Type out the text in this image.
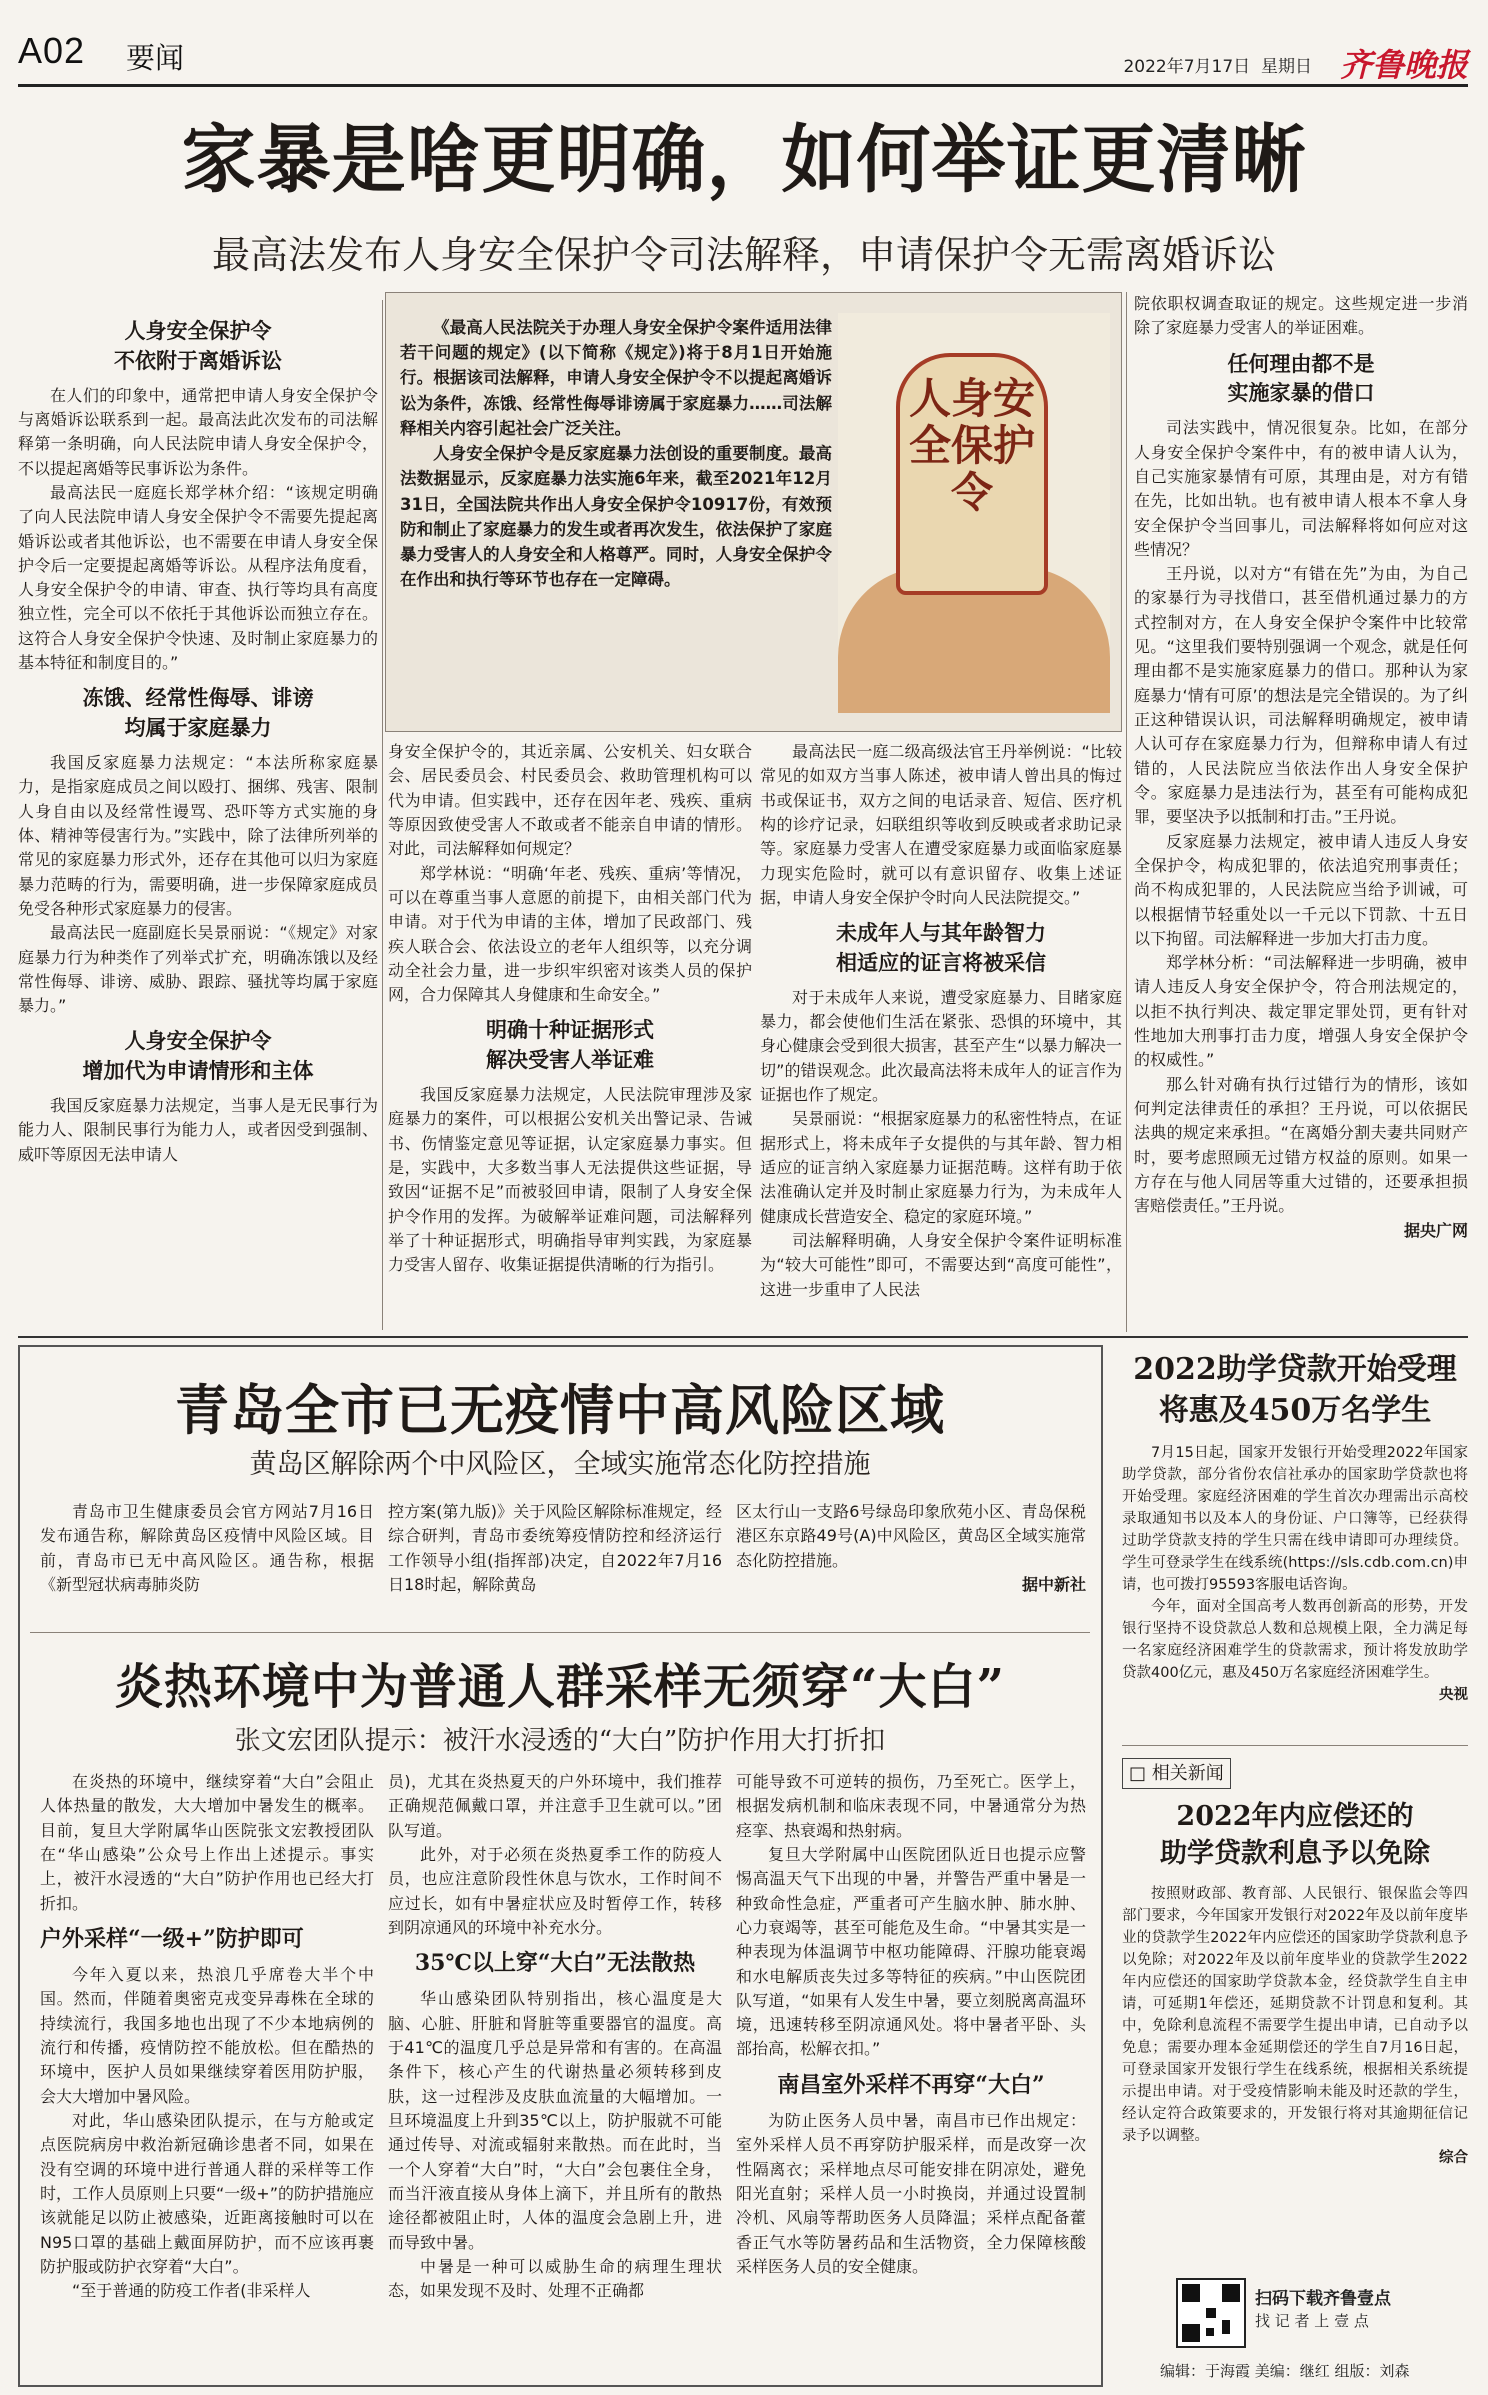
A02 要闻	2022年7月17日 星期日 齐鲁晚报
家暴是啥更明确，如何举证更清晰
最高法发布人身安全保护令司法解释，申请保护令无需离婚诉讼

《最高人民法院关于办理人身安全保护令案件适用法律若干问题的规定》(以下简称《规定》)将于8月1日开始施行。根据该司法解释，申请人身安全保护令不以提起离婚诉讼为条件，冻饿、经常性侮辱诽谤属于家庭暴力……司法解释相关内容引起社会广泛关注。

人身安全保护令是反家庭暴力法创设的重要制度。最高法数据显示，反家庭暴力法实施6年来，截至2021年12月31日，全国法院共作出人身安全保护令10917份，有效预防和制止了家庭暴力的发生或者再次发生，依法保护了家庭暴力受害人的人身安全和人格尊严。同时，人身安全保护令在作出和执行等环节也存在一定障碍。

人身安全保护令
人身安全保护令
不依附于离婚诉讼

在人们的印象中，通常把申请人身安全保护令与离婚诉讼联系到一起。最高法此次发布的司法解释第一条明确，向人民法院申请人身安全保护令，不以提起离婚等民事诉讼为条件。

最高法民一庭庭长郑学林介绍：“该规定明确了向人民法院申请人身安全保护令不需要先提起离婚诉讼或者其他诉讼，也不需要在申请人身安全保护令后一定要提起离婚等诉讼。从程序法角度看，人身安全保护令的申请、审查、执行等均具有高度独立性，完全可以不依托于其他诉讼而独立存在。这符合人身安全保护令快速、及时制止家庭暴力的基本特征和制度目的。”

冻饿、经常性侮辱、诽谤
均属于家庭暴力

我国反家庭暴力法规定：“本法所称家庭暴力，是指家庭成员之间以殴打、捆绑、残害、限制人身自由以及经常性谩骂、恐吓等方式实施的身体、精神等侵害行为。”实践中，除了法律所列举的常见的家庭暴力形式外，还存在其他可以归为家庭暴力范畴的行为，需要明确，进一步保障家庭成员免受各种形式家庭暴力的侵害。

最高法民一庭副庭长吴景丽说：“《规定》对家庭暴力行为种类作了列举式扩充，明确冻饿以及经常性侮辱、诽谤、威胁、跟踪、骚扰等均属于家庭暴力。”

人身安全保护令
增加代为申请情形和主体

我国反家庭暴力法规定，当事人是无民事行为能力人、限制民事行为能力人，或者因受到强制、威吓等原因无法申请人

身安全保护令的，其近亲属、公安机关、妇女联合会、居民委员会、村民委员会、救助管理机构可以代为申请。但实践中，还存在因年老、残疾、重病等原因致使受害人不敢或者不能亲自申请的情形。对此，司法解释如何规定？

郑学林说：“明确‘年老、残疾、重病’等情况，可以在尊重当事人意愿的前提下，由相关部门代为申请。对于代为申请的主体，增加了民政部门、残疾人联合会、依法设立的老年人组织等，以充分调动全社会力量，进一步织牢织密对该类人员的保护网，合力保障其人身健康和生命安全。”

明确十种证据形式
解决受害人举证难

我国反家庭暴力法规定，人民法院审理涉及家庭暴力的案件，可以根据公安机关出警记录、告诫书、伤情鉴定意见等证据，认定家庭暴力事实。但是，实践中，大多数当事人无法提供这些证据，导致因“证据不足”而被驳回申请，限制了人身安全保护令作用的发挥。为破解举证难问题，司法解释列举了十种证据形式，明确指导审判实践，为家庭暴力受害人留存、收集证据提供清晰的行为指引。

最高法民一庭二级高级法官王丹举例说：“比较常见的如双方当事人陈述，被申请人曾出具的悔过书或保证书，双方之间的电话录音、短信、医疗机构的诊疗记录，妇联组织等收到反映或者求助记录等。家庭暴力受害人在遭受家庭暴力或面临家庭暴力现实危险时，就可以有意识留存、收集上述证据，申请人身安全保护令时向人民法院提交。”

未成年人与其年龄智力
相适应的证言将被采信

对于未成年人来说，遭受家庭暴力、目睹家庭暴力，都会使他们生活在紧张、恐惧的环境中，其身心健康会受到很大损害，甚至产生“以暴力解决一切”的错误观念。此次最高法将未成年人的证言作为证据也作了规定。

吴景丽说：“根据家庭暴力的私密性特点，在证据形式上，将未成年子女提供的与其年龄、智力相适应的证言纳入家庭暴力证据范畴。这样有助于依法准确认定并及时制止家庭暴力行为，为未成年人健康成长营造安全、稳定的家庭环境。”

司法解释明确，人身安全保护令案件证明标准为“较大可能性”即可，不需要达到“高度可能性”，这进一步重申了人民法

院依职权调查取证的规定。这些规定进一步消除了家庭暴力受害人的举证困难。

任何理由都不是
实施家暴的借口

司法实践中，情况很复杂。比如，在部分人身安全保护令案件中，有的被申请人认为，自己实施家暴情有可原，其理由是，对方有错在先，比如出轨。也有被申请人根本不拿人身安全保护令当回事儿，司法解释将如何应对这些情况？

王丹说，以对方“有错在先”为由，为自己的家暴行为寻找借口，甚至借机通过暴力的方式控制对方，在人身安全保护令案件中比较常见。“这里我们要特别强调一个观念，就是任何理由都不是实施家庭暴力的借口。那种认为家庭暴力‘情有可原’的想法是完全错误的。为了纠正这种错误认识，司法解释明确规定，被申请人认可存在家庭暴力行为，但辩称申请人有过错的，人民法院应当依法作出人身安全保护令。家庭暴力是违法行为，甚至有可能构成犯罪，要坚决予以抵制和打击。”王丹说。

反家庭暴力法规定，被申请人违反人身安全保护令，构成犯罪的，依法追究刑事责任；尚不构成犯罪的，人民法院应当给予训诫，可以根据情节轻重处以一千元以下罚款、十五日以下拘留。司法解释进一步加大打击力度。

郑学林分析：“司法解释进一步明确，被申请人违反人身安全保护令，符合刑法规定的，以拒不执行判决、裁定罪定罪处罚，更有针对性地加大刑事打击力度，增强人身安全保护令的权威性。”

那么针对确有执行过错行为的情形，该如何判定法律责任的承担？王丹说，可以依据民法典的规定来承担。“在离婚分割夫妻共同财产时，要考虑照顾无过错方权益的原则。如果一方存在与他人同居等重大过错的，还要承担损害赔偿责任。”王丹说。

据央广网
青岛全市已无疫情中高风险区域
黄岛区解除两个中风险区，全域实施常态化防控措施

青岛市卫生健康委员会官方网站7月16日发布通告称，解除黄岛区疫情中风险区域。目前，青岛市已无中高风险区。通告称，根据《新型冠状病毒肺炎防

控方案(第九版)》关于风险区解除标准规定，经综合研判，青岛市委统筹疫情防控和经济运行工作领导小组(指挥部)决定，自2022年7月16日18时起，解除黄岛

区太行山一支路6号绿岛印象欣苑小区、青岛保税港区东京路49号(A)中风险区，黄岛区全域实施常态化防控措施。

据中新社
炎热环境中为普通人群采样无须穿“大白”
张文宏团队提示：被汗水浸透的“大白”防护作用大打折扣

在炎热的环境中，继续穿着“大白”会阻止人体热量的散发，大大增加中暑发生的概率。目前，复旦大学附属华山医院张文宏教授团队在“华山感染”公众号上作出上述提示。事实上，被汗水浸透的“大白”防护作用也已经大打折扣。

户外采样“一级+”防护即可

今年入夏以来，热浪几乎席卷大半个中国。然而，伴随着奥密克戎变异毒株在全球的持续流行，我国多地也出现了不少本地病例的流行和传播，疫情防控不能放松。但在酷热的环境中，医护人员如果继续穿着医用防护服，会大大增加中暑风险。

对此，华山感染团队提示，在与方舱或定点医院病房中救治新冠确诊患者不同，如果在没有空调的环境中进行普通人群的采样等工作时，工作人员原则上只要“一级+”的防护措施应该就能足以防止被感染，近距离接触时可以在N95口罩的基础上戴面屏防护，而不应该再裹防护服或防护衣穿着“大白”。

“至于普通的防疫工作者(非采样人

员)，尤其在炎热夏天的户外环境中，我们推荐正确规范佩戴口罩，并注意手卫生就可以。”团队写道。

此外，对于必须在炎热夏季工作的防疫人员，也应注意阶段性休息与饮水，工作时间不应过长，如有中暑症状应及时暂停工作，转移到阴凉通风的环境中补充水分。

35℃以上穿“大白”无法散热

华山感染团队特别指出，核心温度是大脑、心脏、肝脏和肾脏等重要器官的温度。高于41℃的温度几乎总是异常和有害的。在高温条件下，核心产生的代谢热量必须转移到皮肤，这一过程涉及皮肤血流量的大幅增加。一旦环境温度上升到35℃以上，防护服就不可能通过传导、对流或辐射来散热。而在此时，当一个人穿着“大白”时，“大白”会包裹住全身，而当汗液直接从身体上滴下，并且所有的散热途径都被阻止时，人体的温度会急剧上升，进而导致中暑。

中暑是一种可以威胁生命的病理生理状态，如果发现不及时、处理不正确都

可能导致不可逆转的损伤，乃至死亡。医学上，根据发病机制和临床表现不同，中暑通常分为热痉挛、热衰竭和热射病。

复旦大学附属中山医院团队近日也提示应警惕高温天气下出现的中暑，并警告严重中暑是一种致命性急症，严重者可产生脑水肿、肺水肿、心力衰竭等，甚至可能危及生命。“中暑其实是一种表现为体温调节中枢功能障碍、汗腺功能衰竭和水电解质丧失过多等特征的疾病。”中山医院团队写道，“如果有人发生中暑，要立刻脱离高温环境，迅速转移至阴凉通风处。将中暑者平卧、头部抬高，松解衣扣。”

南昌室外采样不再穿“大白”

为防止医务人员中暑，南昌市已作出规定：室外采样人员不再穿防护服采样，而是改穿一次性隔离衣；采样地点尽可能安排在阴凉处，避免阳光直射；采样人员一小时换岗，并通过设置制冷机、风扇等帮助医务人员降温；采样点配备藿香正气水等防暑药品和生活物资，全力保障核酸采样医务人员的安全健康。

2022助学贷款开始受理
将惠及450万名学生

7月15日起，国家开发银行开始受理2022年国家助学贷款，部分省份农信社承办的国家助学贷款也将开始受理。家庭经济困难的学生首次办理需出示高校录取通知书以及本人的身份证、户口簿等，已经获得过助学贷款支持的学生只需在线申请即可办理续贷。学生可登录学生在线系统(https://sls.cdb.com.cn)申请，也可拨打95593客服电话咨询。

今年，面对全国高考人数再创新高的形势，开发银行坚持不设贷款总人数和总规模上限，全力满足每一名家庭经济困难学生的贷款需求，预计将发放助学贷款400亿元，惠及450万名家庭经济困难学生。

央视
□ 相关新闻
2022年内应偿还的
助学贷款利息予以免除

按照财政部、教育部、人民银行、银保监会等四部门要求，今年国家开发银行对2022年及以前年度毕业的贷款学生2022年内应偿还的国家助学贷款利息予以免除；对2022年及以前年度毕业的贷款学生2022年内应偿还的国家助学贷款本金，经贷款学生自主申请，可延期1年偿还，延期贷款不计罚息和复利。其中，免除利息流程不需要学生提出申请，已自动予以免息；需要办理本金延期偿还的学生自7月16日起，可登录国家开发银行学生在线系统，根据相关系统提示提出申请。对于受疫情影响未能及时还款的学生，经认定符合政策要求的，开发银行将对其逾期征信记录予以调整。

综合
扫码下载齐鲁壹点
找 记 者 上 壹 点
编辑：于海霞 美编：继红 组版：刘森
